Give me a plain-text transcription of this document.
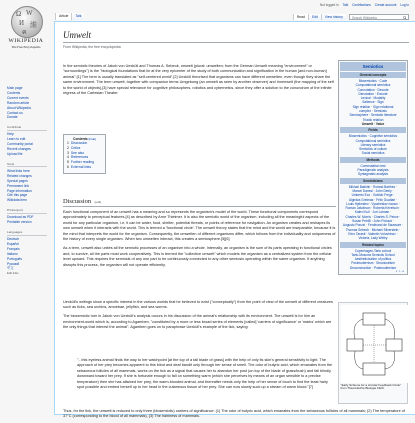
Not logged in Talk Contributions Create account Log in
Article	Talk	Read	Edit	View history	Search Wikipedia
Ω W
И 維
ค
WIKIPEDIA
The Free Encyclopedia
Main page
Contents
Current events
Random article
About Wikipedia
Contact us
Donate
Contribute
Help
Learn to edit
Community portal
Recent changes
Upload file
Tools
What links here
Related changes
Special pages
Permanent link
Page information
Cite this page
Wikidata item
Print/export
Download as PDF
Printable version
Languages
Deutsch
Español
Français
Italiano
Português
Русский
中文
Edit links
Umwelt
From Wikipedia, the free encyclopedia

In the semiotic theories of Jakob von Uexküll and Thomas A. Sebeok, umwelt (plural: umwelten; from the German Umwelt meaning "environment" or "surroundings") is the "biological foundations that lie at the very epicenter of the study of both communication and signification in the human [and non-human] animal".[1] The term is usually translated as "self-centered world".[2] Uexküll theorised that organisms can have different umwelten, even though they share the same environment. The term umwelt, together with companion terms Umgebung (an umwelt as seen by another observer) and Innenwelt (the mapping of the self to the world of objects),[3] have special relevance for cognitive philosophers, robotics and cybernetics, since they offer a solution to the conundrum of the infinite regress of the Cartesian Theater.

Contents [hide]
1 Discussion
2 Critics
3 See also
4 References
5 Further reading
6 External links
Discussion [edit]

Each functional component of an umwelt has a meaning and so represents the organism's model of the world. These functional components correspond approximately to perceptual features.[4] as described by Arne Thielmer. It is also the semiotic world of the organism, including all the meaningful aspects of the world for any particular organism, i.e. it can be water, food, shelter, potential threats, or points of reference for navigation. An organism creates and reshapes its own umwelt when it interacts with the world. This is termed a 'functional circle'. The umwelt theory states that the mind and the world are inseparable, because it is the mind that interprets the world for the organism. Consequently, the umwelten of different organisms differ, which follows from the individuality and uniqueness of the history of every single organism. When two umwelten interact, this creates a semiosphere.[5][6]

As a term, umwelt also unites all the semiotic processes of an organism into a whole. Internally, an organism is the sum of its parts operating in functional circles and, to survive, all the parts must work cooperatively. This is termed the "collective umwelt" which models the organism as a centralized system from the cellular level upward. This requires the semiosis of any one part to be continuously connected to any other semiosis operating within the same organism. If anything disrupts this process, the organism will not operate efficiently.

Uexküll's writings show a specific interest in the various worlds that he believed to exist ("conceptually") from the point of view of the umwelt of different creatures such as ticks, sea urchins, amoebae, jellyfish, and sea worms.

The biosemiotic turn in Jakob von Uexküll's analysis occurs in his discussion of the animal's relationship with its environment. The umwelt is for him an environment-world which is, according to Agamben, "constituted by a more or less broad series of elements [called] 'carriers of significance' or 'marks' which are the only things that interest the animal". Agamben goes on to paraphrase Uexküll's example of the tick, saying:

"...this eyeless animal finds the way to her watchpoint [at the top of a tall blade of grass] with the help of only its skin's general sensitivity to light. The approach of her prey becomes apparent to this blind and deaf bandit only through her sense of smell. The odor of butyric acid, which emanates from the sebaceous follicles of all mammals, works on the tick as a signal that causes her to abandon her post (on top of the blade of grass/bush) and fall blindly downward toward her prey. If she is fortunate enough to fall on something warm (which she perceives by means of an organ sensible to a precise temperature) then she has attained her prey, the warm-blooded animal, and thereafter needs only the help of her sense of touch to find the least hairy spot possible and embed herself up to her head in the cutaneous tissue of her prey. She can now slowly suck up a stream of warm blood."[7]

Thus, for the tick, the umwelt is reduced to only three (biosemiotic) carriers of significance: (1) The odor of butyric acid, which emanates from the sebaceous follicles of all mammals; (2) The temperature of 37°C (corresponding to the blood of all mammals), (3) The hairiness of mammals.

Semiotics
General concepts
Biosemiotics · Code
Computational semiotics
Connotation · Decode
Denotation · Encode
Lexical · Modality
Salience · Sign
Sign relation · Sign relational
complex · Semiosis
Semiosphere · Semiotic literature
Triadic relation
Umwelt · Value
Fields
Biosemiotics · Cognitive semiotics
Computational semiotics
Literary semiotics
Semiotics of culture
Social semiotics
Methods
Commutation test
Paradigmatic analysis
Syntagmatic analysis
Semioticians
Mikhail Bakhtin · Roland Barthes ·
Marcel Danesi · John Deely ·
Umberto Eco · Gottlob Frege ·
Algirdas Greimas · Félix Guattari ·
Louis Hjelmslev · Vyacheslav Ivanov ·
Roman Jakobson · Roberta Kevelson ·
Kalevi Kull · Juri Lotman ·
Charles W. Morris · Charles S. Peirce ·
Susan Petrilli · John Poinsot ·
Augusto Ponzio · Ferdinand de Saussure ·
Thomas Sebeok · Michael Silverstein ·
Eero Tarasti · Valentin Voloshinov ·
Victoria, Lady Welby
Related topics
Copenhagen-Tartu school
Tartu-Moscow Semiotic School
Aestheticization of politics
Postmodernism · Structuralism
Deconstruction · Postmodernism
v · t · e
"Early Scheme for a circular Feedback Circle" from Theoretische Biologie 1920.
